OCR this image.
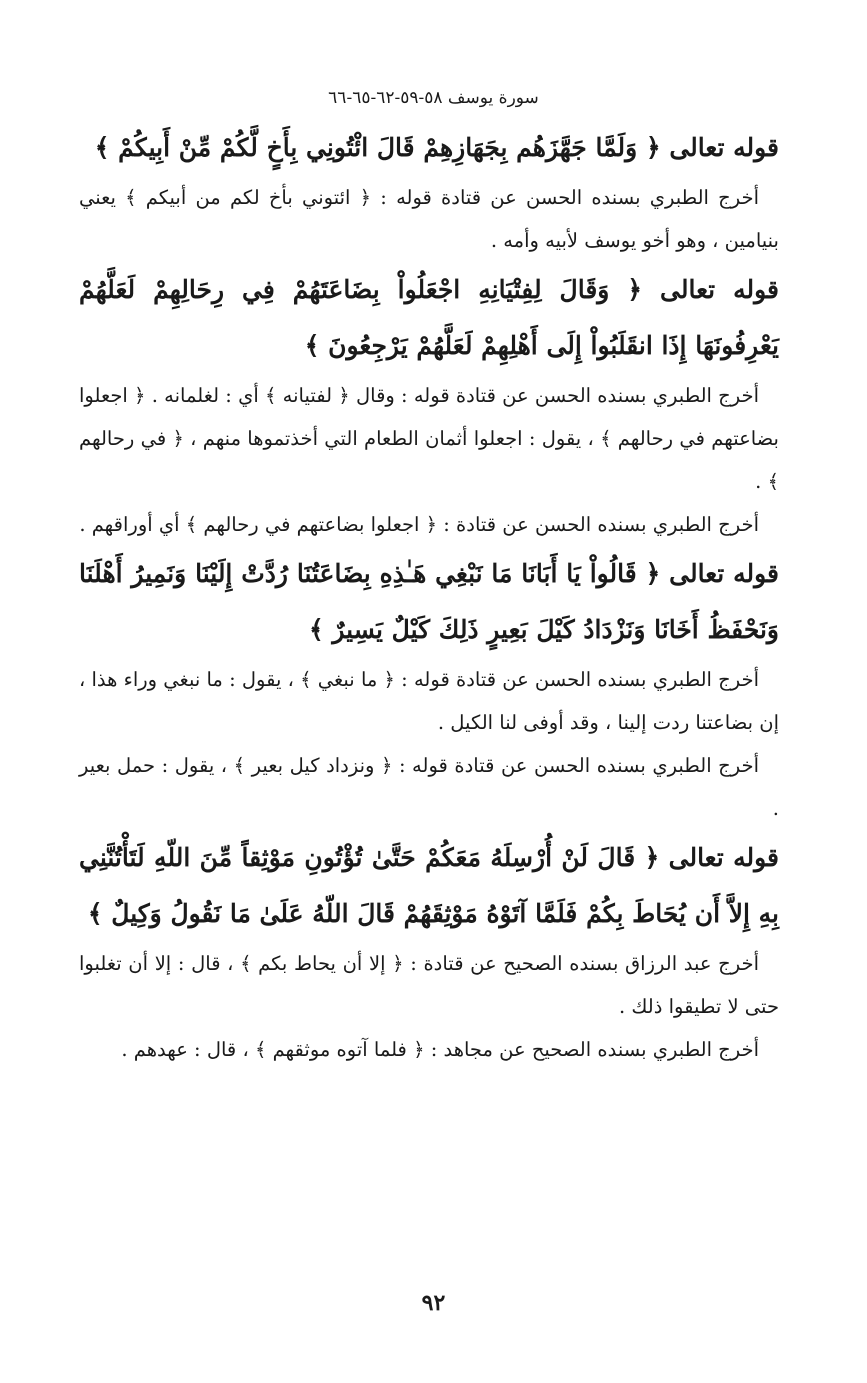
سورة يوسف ٥٨-٥٩-٦٢-٦٥-٦٦

قوله تعالى ﴿ وَلَمَّا جَهَّزَهُم بِجَهَازِهِمْ قَالَ ائْتُونِي بِأَخٍ لَّكُمْ مِّنْ أَبِيكُمْ ﴾

أخرج الطبري بسنده الحسن عن قتادة قوله : ﴿ ائتوني بأخ لكم من أبيكم ﴾ يعني بنيامين ، وهو أخو يوسف لأبيه وأمه .

قوله تعالى ﴿ وَقَالَ لِفِتْيَانِهِ اجْعَلُواْ بِضَاعَتَهُمْ فِي رِحَالِهِمْ لَعَلَّهُمْ يَعْرِفُونَهَا إِذَا انقَلَبُواْ إِلَى أَهْلِهِمْ لَعَلَّهُمْ يَرْجِعُونَ ﴾

أخرج الطبري بسنده الحسن عن قتادة قوله : وقال ﴿ لفتيانه ﴾ أي : لغلمانه . ﴿ اجعلوا بضاعتهم في رحالهم ﴾ ، يقول : اجعلوا أثمان الطعام التي أخذتموها منهم ، ﴿ في رحالهم ﴾ .

أخرج الطبري بسنده الحسن عن قتادة : ﴿ اجعلوا بضاعتهم في رحالهم ﴾ أي أوراقهم .

قوله تعالى ﴿ قَالُواْ يَا أَبَانَا مَا نَبْغِي هَـٰذِهِ بِضَاعَتُنَا رُدَّتْ إِلَيْنَا وَنَمِيرُ أَهْلَنَا وَنَحْفَظُ أَخَانَا وَنَزْدَادُ كَيْلَ بَعِيرٍ ذَلِكَ كَيْلٌ يَسِيرٌ ﴾

أخرج الطبري بسنده الحسن عن قتادة قوله : ﴿ ما نبغي ﴾ ، يقول : ما نبغي وراء هذا ، إن بضاعتنا ردت إلينا ، وقد أوفى لنا الكيل .

أخرج الطبري بسنده الحسن عن قتادة قوله : ﴿ ونزداد كيل بعير ﴾ ، يقول : حمل بعير .

قوله تعالى ﴿ قَالَ لَنْ أُرْسِلَهُ مَعَكُمْ حَتَّىٰ تُؤْتُونِ مَوْثِقاً مِّنَ اللّهِ لَتَأْتُنَّنِي بِهِ إِلاَّ أَن يُحَاطَ بِكُمْ فَلَمَّا آتَوْهُ مَوْثِقَهُمْ قَالَ اللّهُ عَلَىٰ مَا نَقُولُ وَكِيلٌ ﴾

أخرج عبد الرزاق بسنده الصحيح عن قتادة : ﴿ إلا أن يحاط بكم ﴾ ، قال : إلا أن تغلبوا حتى لا تطيقوا ذلك .

أخرج الطبري بسنده الصحيح عن مجاهد : ﴿ فلما آتوه موثقهم ﴾ ، قال : عهدهم .

٩٢
